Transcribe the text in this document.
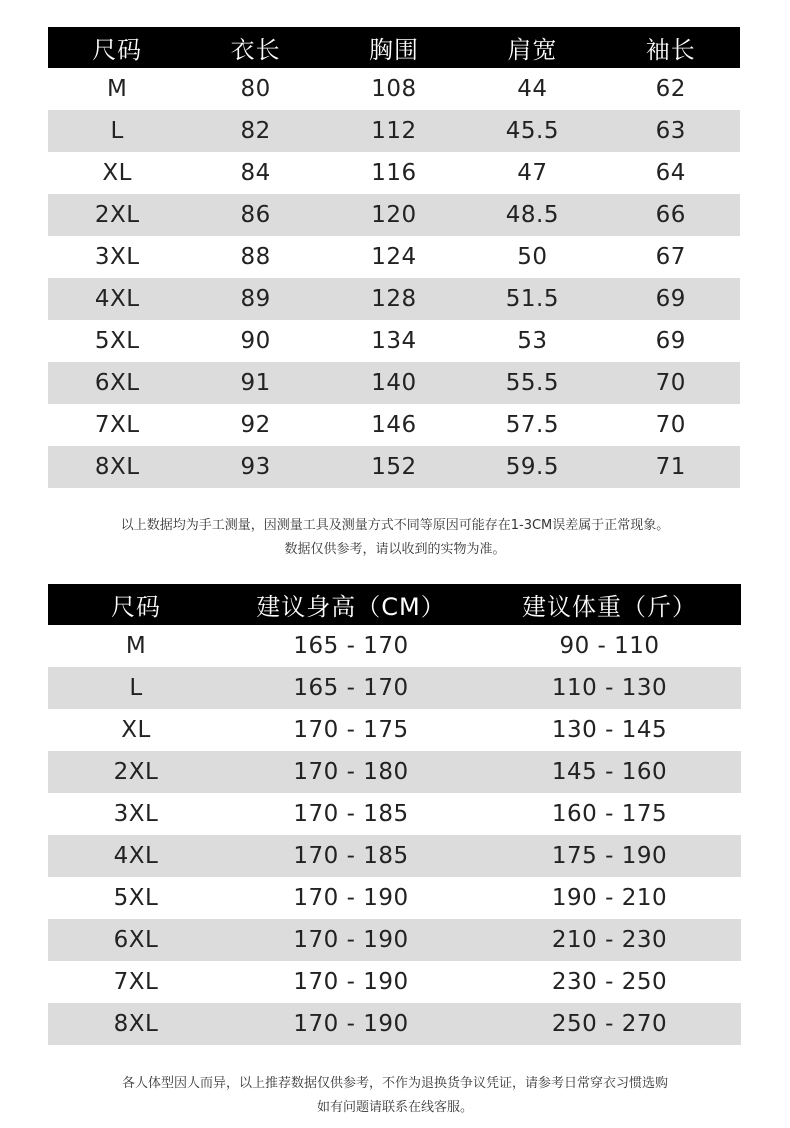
尺码	衣长	胸围	肩宽	袖长
M	80	108	44	62
L	82	112	45.5	63
XL	84	116	47	64
2XL	86	120	48.5	66
3XL	88	124	50	67
4XL	89	128	51.5	69
5XL	90	134	53	69
6XL	91	140	55.5	70
7XL	92	146	57.5	70
8XL	93	152	59.5	71

以上数据均为手工测量，因测量工具及测量方式不同等原因可能存在1-3CM误差属于正常现象。

数据仅供参考，请以收到的实物为准。

尺码	建议身高（CM）	建议体重（斤）
M	165 - 170	90 - 110
L	165 - 170	110 - 130
XL	170 - 175	130 - 145
2XL	170 - 180	145 - 160
3XL	170 - 185	160 - 175
4XL	170 - 185	175 - 190
5XL	170 - 190	190 - 210
6XL	170 - 190	210 - 230
7XL	170 - 190	230 - 250
8XL	170 - 190	250 - 270

各人体型因人而异，以上推荐数据仅供参考，不作为退换货争议凭证，请参考日常穿衣习惯选购

如有问题请联系在线客服。
